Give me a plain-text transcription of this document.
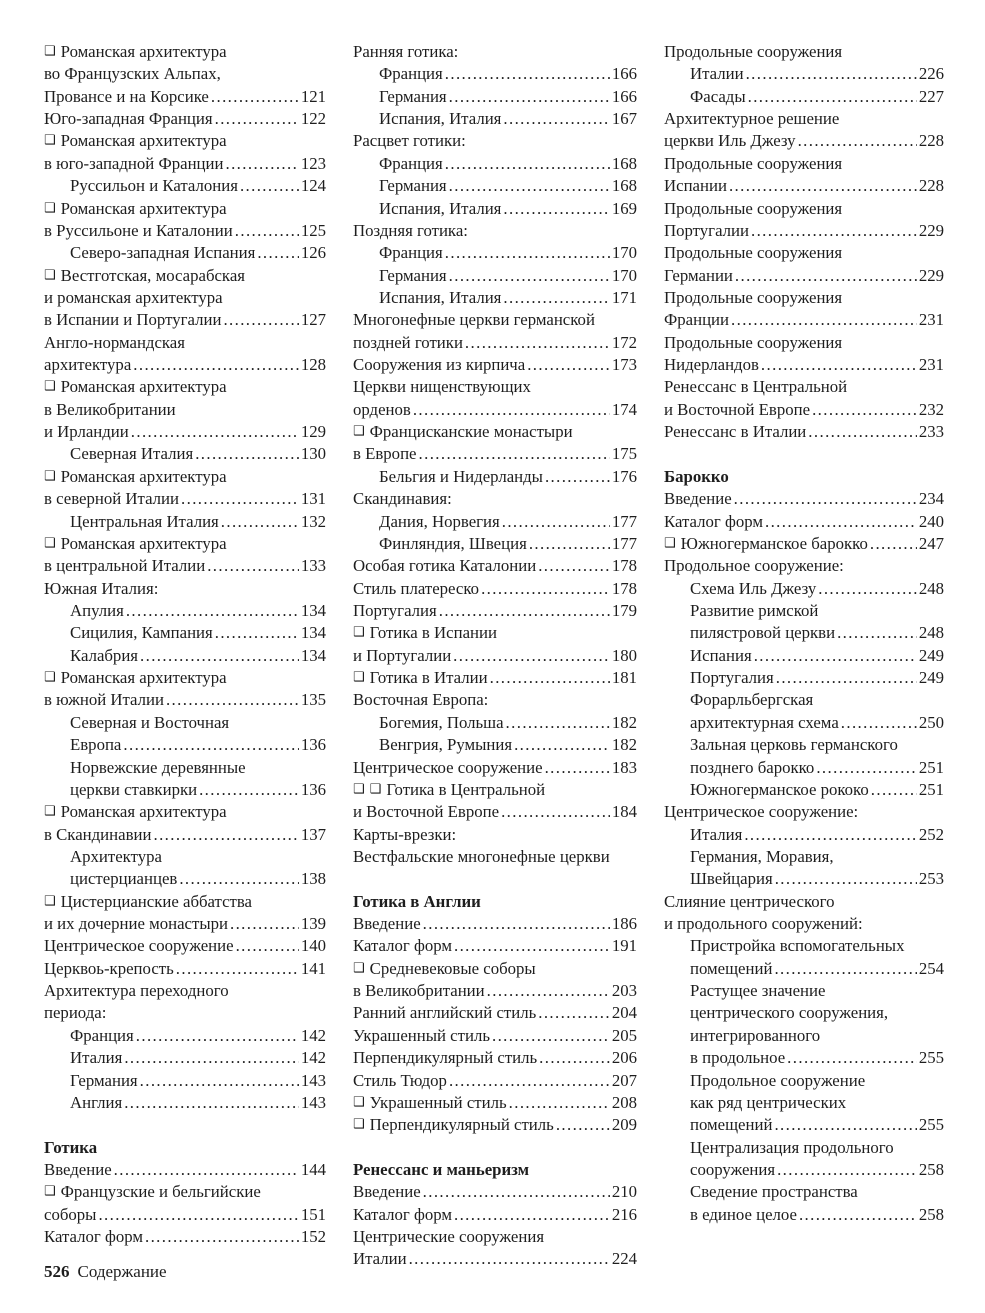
❑ Романская архитектура
во Французских Альпах,
Провансе и на Корсике . . .	121
Юго-западная Франция . . .	122
❑ Романская архитектура
в юго-западной Франции . . .	123
Руссильон и Каталония . . .	124
❑ Романская архитектура
в Руссильоне и Каталонии . . .	125
Северо-западная Испания . . .	126
❑ Вестготская, мосарабская
и романская архитектура
в Испании и Португалии . . .	127
Англо-нормандская
архитектура . . .	128
❑ Романская архитектура
в Великобритании
и Ирландии . . .	129
Северная Италия . . .	130
❑ Романская архитектура
в северной Италии . . .	131
Центральная Италия . . .	132
❑ Романская архитектура
в центральной Италии . . .	133
Южная Италия:
Апулия . . .	134
Сицилия, Кампания . . .	134
Калабрия . . .	134
❑ Романская архитектура
в южной Италии . . .	135
Северная и Восточная
Европа . . .	136
Норвежские деревянные
церкви ставкирки . . .	136
❑ Романская архитектура
в Скандинавии . . .	137
Архитектура
цистерцианцев . . .	138
❑ Цистерцианские аббатства
и их дочерние монастыри . . .	139
Центрическое сооружение . . .	140
Церквоь-крепость . . .	141
Архитектура переходного
периода:
Франция . . .	142
Италия . . .	142
Германия . . .	143
Англия . . .	143
Готика
Введение . . .	144
❑ Французские и бельгийские
соборы . . .	151
Каталог форм . . .	152
Ранняя готика:
Франция . . .	166
Германия . . .	166
Испания, Италия . . .	167
Расцвет готики:
Франция . . .	168
Германия . . .	168
Испания, Италия . . .	169
Поздняя готика:
Франция . . .	170
Германия . . .	170
Испания, Италия . . .	171
Многонефные церкви германской
поздней готики . . .	172
Сооружения из кирпича . . .	173
Церкви нищенствующих
орденов . . .	174
❑ Францисканские монастыри
в Европе . . .	175
Бельгия и Нидерланды . . .	176
Скандинавия:
Дания, Норвегия . . .	177
Финляндия, Швеция . . .	177
Особая готика Каталонии . . .	178
Стиль платереско . . .	178
Португалия . . .	179
❑ Готика в Испании
и Португалии . . .	180
❑ Готика в Италии . . .	181
Восточная Европа:
Богемия, Польша . . .	182
Венгрия, Румыния . . .	182
Центрическое сооружение . . .	183
❑ ❑ Готика в Центральной
и Восточной Европе . . .	184
Карты-врезки:
Вестфальские многонефные церкви
Готика в Англии
Введение . . .	186
Каталог форм . . .	191
❑ Средневековые соборы
в Великобритании . . .	203
Ранний английский стиль . . .	204
Украшенный стиль . . .	205
Перпендикулярный стиль . . .	206
Стиль Тюдор . . .	207
❑ Украшенный стиль . . .	208
❑ Перпендикулярный стиль . . .	209
Ренессанс и маньеризм
Введение . . .	210
Каталог форм . . .	216
Центрические сооружения
Италии . . .	224
Продольные сооружения
Италии . . .	226
Фасады . . .	227
Архитектурное решение
церкви Иль Джезу . . .	228
Продольные сооружения
Испании . . .	228
Продольные сооружения
Португалии . . .	229
Продольные сооружения
Германии . . .	229
Продольные сооружения
Франции . . .	231
Продольные сооружения
Нидерландов . . .	231
Ренессанс в Центральной
и Восточной Европе . . .	232
Ренессанс в Италии . . .	233
Барокко
Введение . . .	234
Каталог форм . . .	240
❑ Южногерманское барокко . . .	247
Продольное сооружение:
Схема Иль Джезу . . .	248
Развитие римской
пилястровой церкви . . .	248
Испания . . .	249
Португалия . . .	249
Форарльбергская
архитектурная схема . . .	250
Зальная церковь германского
позднего барокко . . .	251
Южногерманское рококо . . .	251
Центрическое сооружение:
Италия . . .	252
Германия, Моравия,
Швейцария . . .	253
Слияние центрического
и продольного сооружений:
Пристройка вспомогательных
помещений . . .	254
Растущее значение
центрического сооружения,
интегрированного
в продольное . . .	255
Продольное сооружение
как ряд центрических
помещений . . .	255
Централизация продольного
сооружения . . .	258
Сведение пространства
в единое целое . . .	258
526 Содержание
